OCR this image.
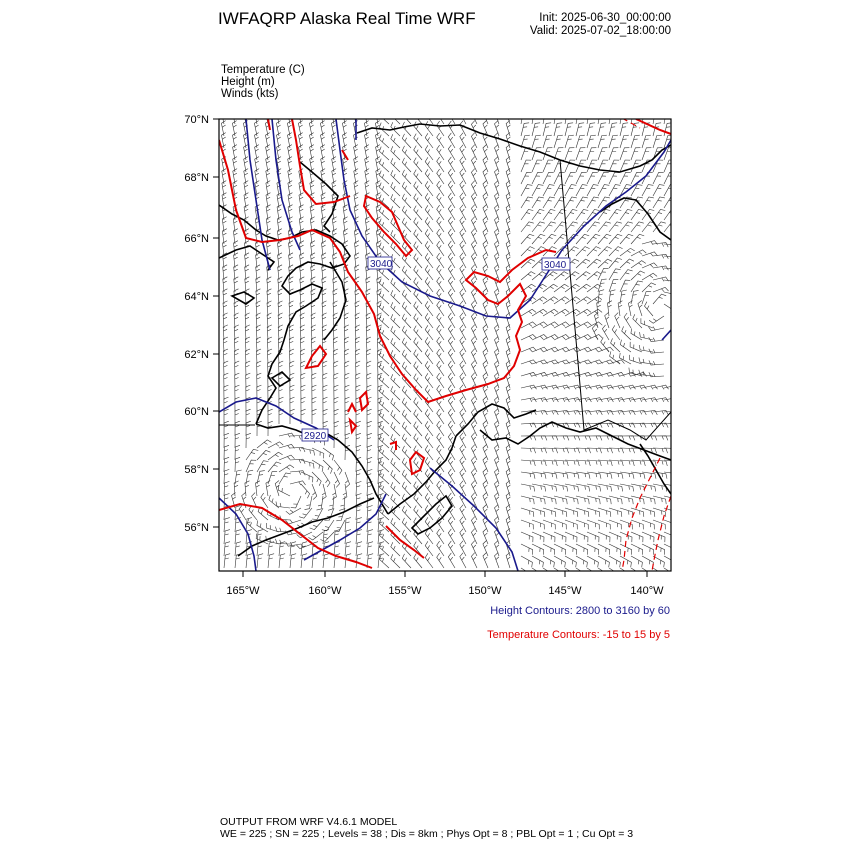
IWFAQRP Alaska Real Time WRF	Init: 2025-06-30_00:00:00
Valid: 2025-07-02_18:00:00
Temperature (C)
Height (m)
Winds (kts)
3040	3040
2920
70°N
68°N
66°N
64°N
62°N
60°N
58°N
56°N
165°W	160°W	155°W	150°W	145°W	140°W
Height Contours: 2800 to 3160 by 60
Temperature Contours: -15 to 15 by 5
OUTPUT FROM WRF V4.6.1 MODEL
WE = 225 ; SN = 225 ; Levels = 38 ; Dis = 8km ; Phys Opt = 8 ; PBL Opt = 1 ; Cu Opt = 3
